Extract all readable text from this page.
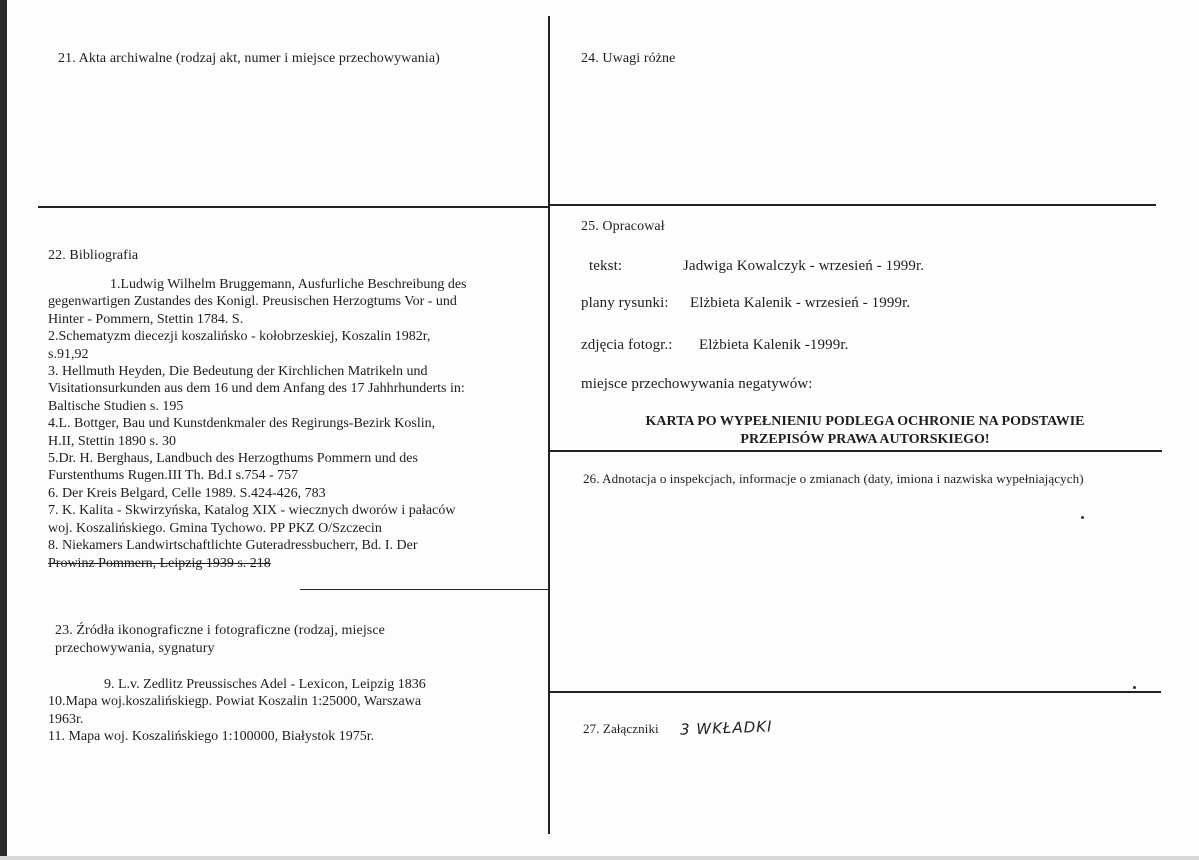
21. Akta archiwalne (rodzaj akt, numer i miejsce przechowywania)
22. Bibliografia
1.Ludwig Wilhelm Bruggemann, Ausfurliche Beschreibung des
gegenwartigen Zustandes des Konigl. Preusischen Herzogtums Vor - und
Hinter - Pommern, Stettin 1784. S.
2.Schematyzm diecezji koszalińsko - kołobrzeskiej, Koszalin 1982r,
s.91,92
3. Hellmuth Heyden, Die Bedeutung der Kirchlichen Matrikeln und
Visitationsurkunden aus dem 16 und dem Anfang des 17 Jahhrhunderts in:
Baltische Studien s. 195
4.L. Bottger, Bau und Kunstdenkmaler des Regirungs-Bezirk Koslin,
H.II, Stettin 1890 s. 30
5.Dr. H. Berghaus, Landbuch des Herzogthums Pommern und des
Furstenthums Rugen.III Th. Bd.I s.754 - 757
6. Der Kreis Belgard, Celle 1989. S.424-426, 783
7. K. Kalita - Skwirzyńska, Katalog XIX - wiecznych dworów i pałaców
woj. Koszalińskiego. Gmina Tychowo. PP PKZ O/Szczecin
8. Niekamers Landwirtschaftlichte Guteradressbucherr, Bd. I. Der
Prowinz Pommern, Leipzig 1939 s. 218
23. Źródła ikonograficzne i fotograficzne (rodzaj, miejsce
przechowywania, sygnatury
9. L.v. Zedlitz Preussisches Adel - Lexicon, Leipzig 1836
10.Mapa woj.koszalińskiegp. Powiat Koszalin 1:25000, Warszawa
1963r.
11. Mapa woj. Koszalińskiego 1:100000, Białystok 1975r.
24. Uwagi różne
25. Opracował
tekst:	Jadwiga Kowalczyk - wrzesień - 1999r.
plany rysunki: Elżbieta Kalenik - wrzesień - 1999r.
zdjęcia fotogr.: Elżbieta Kalenik -1999r.
miejsce przechowywania negatywów:
KARTA PO WYPEŁNIENIU PODLEGA OCHRONIE NA PODSTAWIE
PRZEPISÓW PRAWA AUTORSKIEGO!
26. Adnotacja o inspekcjach, informacje o zmianach (daty, imiona i nazwiska wypełniających)
27. Załączniki 3 WKŁADKI
